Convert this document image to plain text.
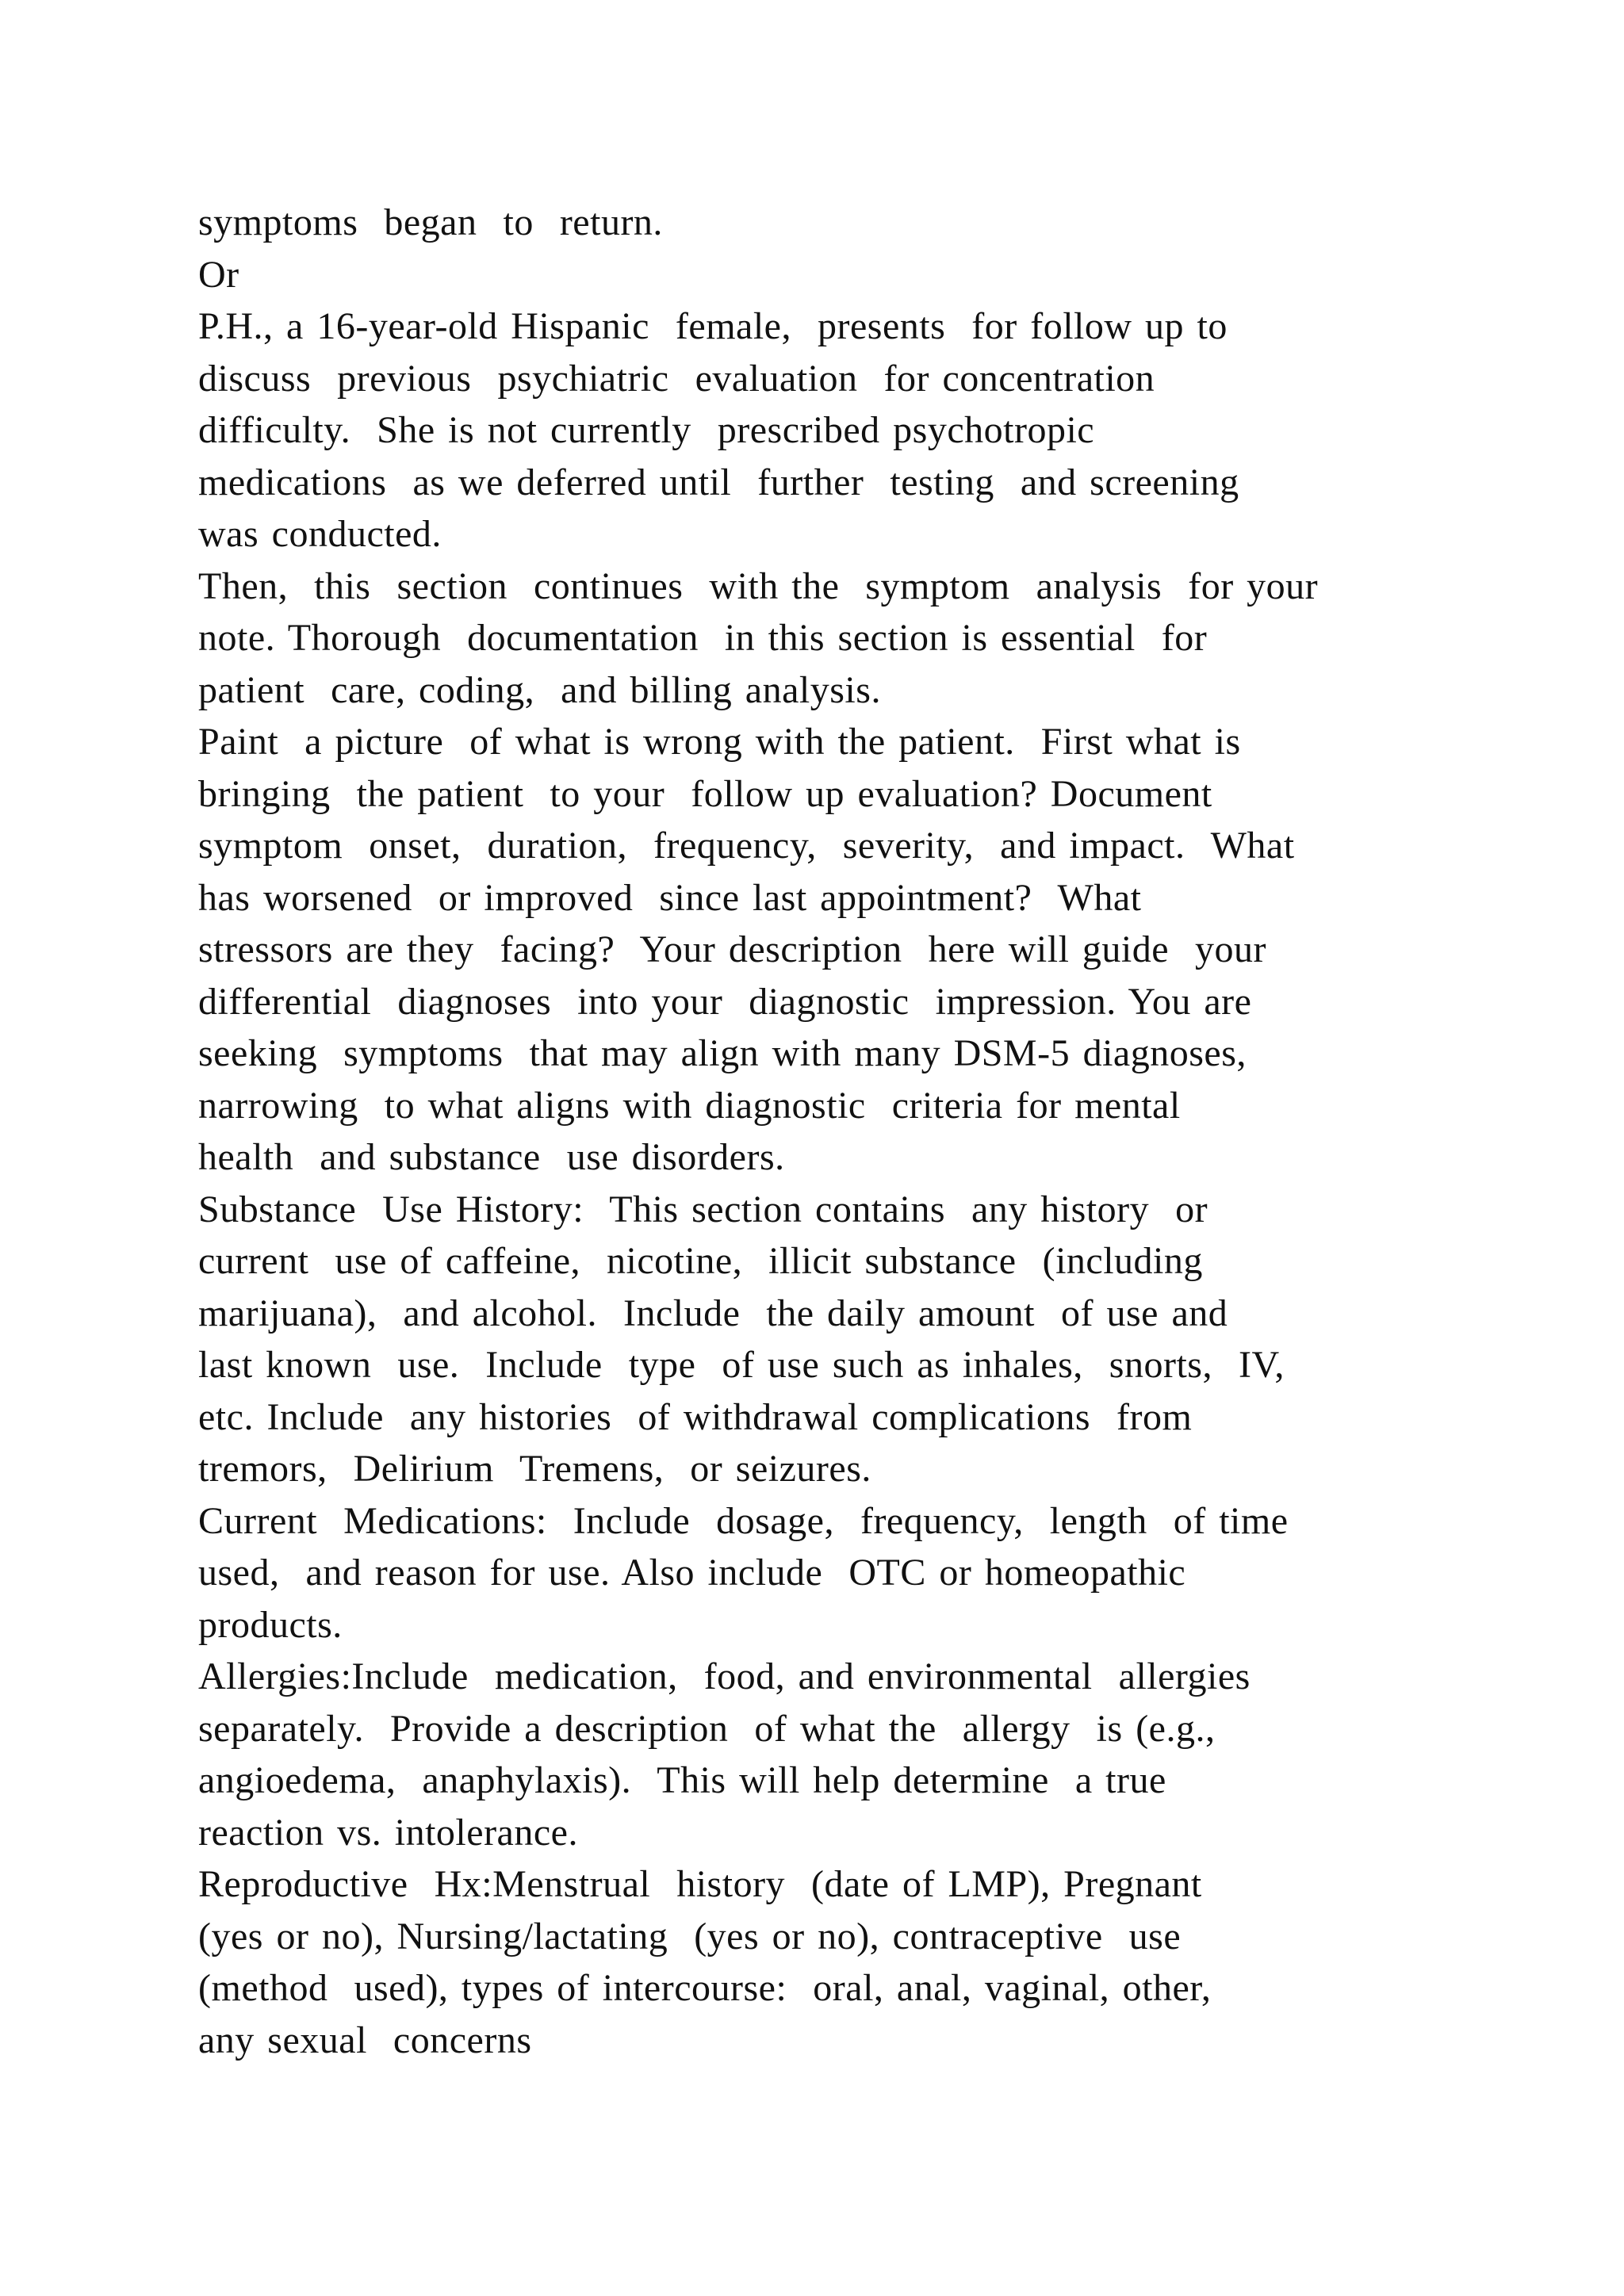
symptoms  began  to  return.
Or
P.H., a 16-year-old Hispanic  female,  presents  for follow up to
discuss  previous  psychiatric  evaluation  for concentration
difficulty.  She is not currently  prescribed psychotropic
medications  as we deferred until  further  testing  and screening
was conducted.
Then,  this  section  continues  with the  symptom  analysis  for your
note. Thorough  documentation  in this section is essential  for
patient  care, coding,  and billing analysis.
Paint  a picture  of what is wrong with the patient.  First what is
bringing  the patient  to your  follow up evaluation? Document
symptom  onset,  duration,  frequency,  severity,  and impact.  What
has worsened  or improved  since last appointment?  What
stressors are they  facing?  Your description  here will guide  your
differential  diagnoses  into your  diagnostic  impression. You are
seeking  symptoms  that may align with many DSM-5 diagnoses,
narrowing  to what aligns with diagnostic  criteria for mental
health  and substance  use disorders.
Substance  Use History:  This section contains  any history  or
current  use of caffeine,  nicotine,  illicit substance  (including
marijuana),  and alcohol.  Include  the daily amount  of use and
last known  use.  Include  type  of use such as inhales,  snorts,  IV,
etc. Include  any histories  of withdrawal complications  from
tremors,  Delirium  Tremens,  or seizures.
Current  Medications:  Include  dosage,  frequency,  length  of time
used,  and reason for use. Also include  OTC or homeopathic
products.
Allergies:Include  medication,  food, and environmental  allergies
separately.  Provide a description  of what the  allergy  is (e.g.,
angioedema,  anaphylaxis).  This will help determine  a true
reaction vs. intolerance.
Reproductive  Hx:Menstrual  history  (date of LMP), Pregnant
(yes or no), Nursing/lactating  (yes or no), contraceptive  use
(method  used), types of intercourse:  oral, anal, vaginal, other,
any sexual  concerns
